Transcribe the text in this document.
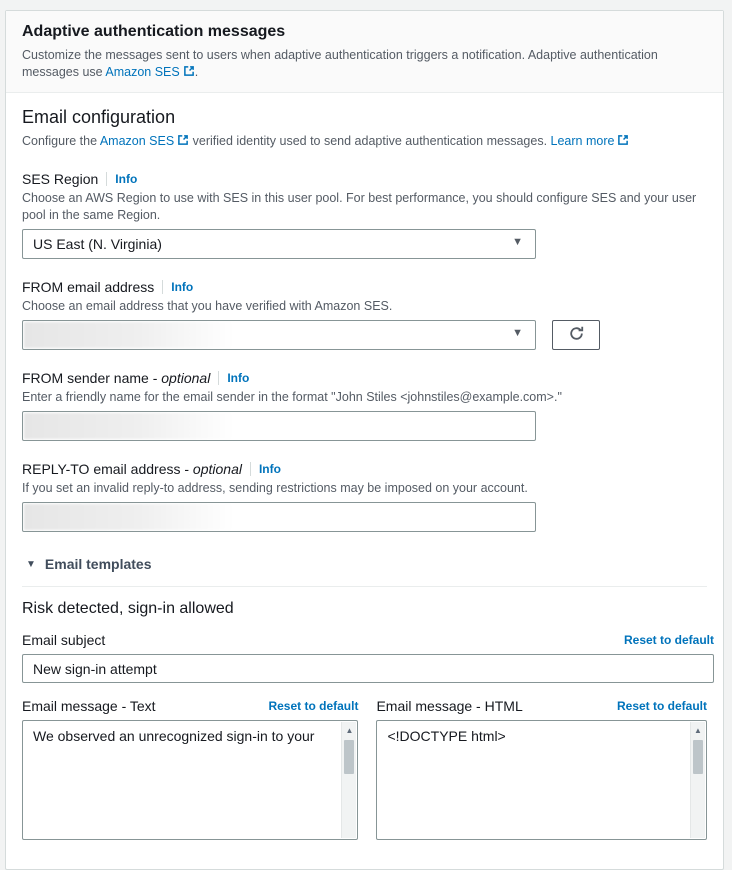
Adaptive authentication messages

Customize the messages sent to users when adaptive authentication triggers a notification. Adaptive authentication messages use Amazon SES .

Email configuration

Configure the Amazon SES verified identity used to send adaptive authentication messages. Learn more

SES Region Info

Choose an AWS Region to use with SES in this user pool. For best performance, you should configure SES and your user pool in the same Region.

US East (N. Virginia)	▼
FROM email address Info

Choose an email address that you have verified with Amazon SES.

▼
FROM sender name - optional Info

Enter a friendly name for the email sender in the format "John Stiles <johnstiles@example.com>."

REPLY-TO email address - optional Info

If you set an invalid reply-to address, sending restrictions may be imposed on your account.

▼ Email templates
Risk detected, sign-in allowed
Email subject	Reset to default
New sign-in attempt
Email message - Text	Reset to default
We observed an unrecognized sign-in to your	▲
Email message - HTML	Reset to default
<!DOCTYPE html>	▲
